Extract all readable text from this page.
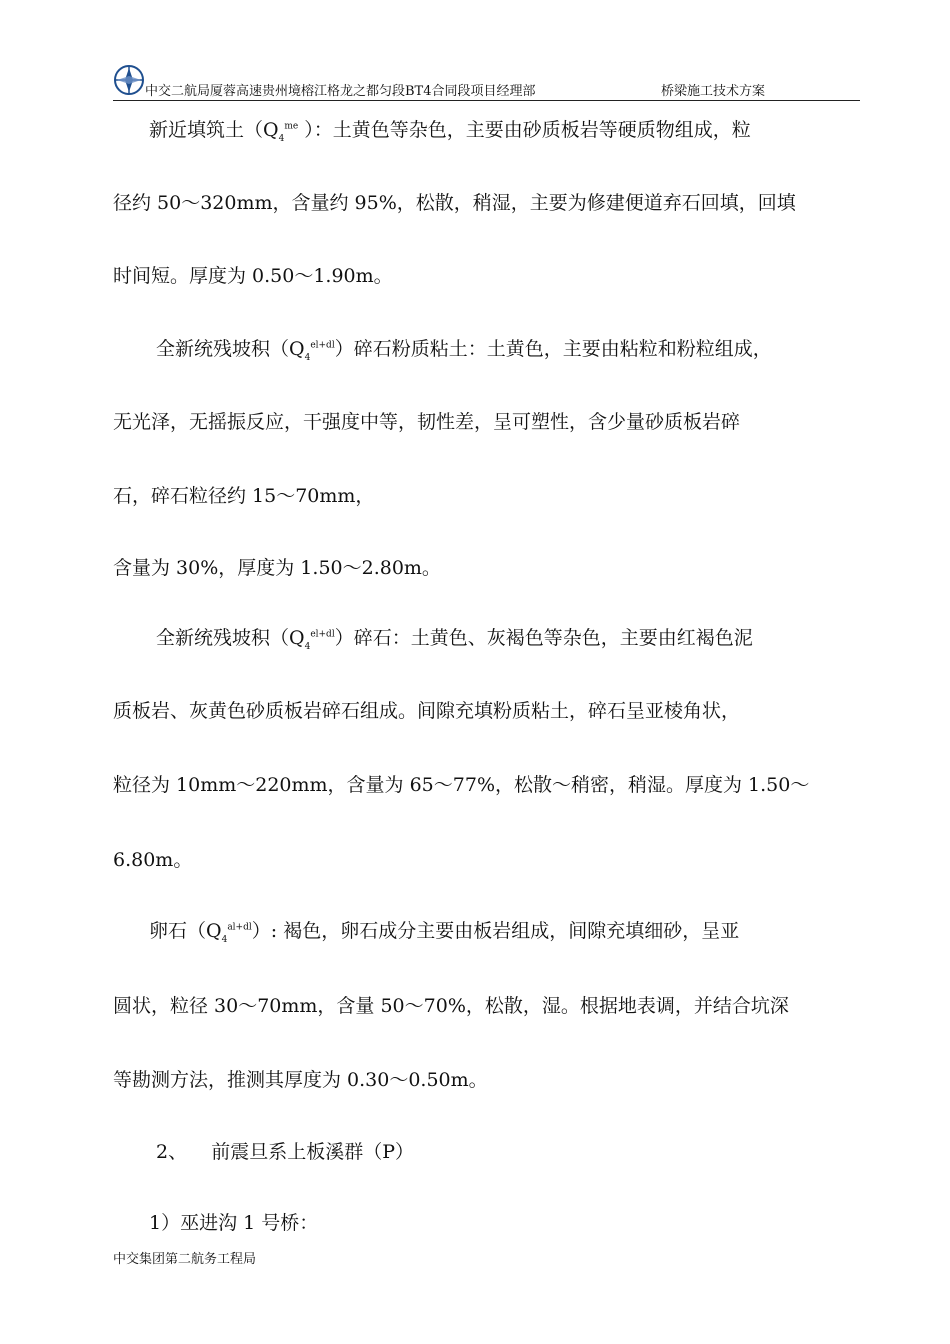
中交二航局厦蓉高速贵州境榕江格龙之都匀段BT4合同段项目经理部	桥梁施工技术方案
新近填筑土（$Q_4^{me}$ ）：土黄色等杂色，主要由砂质板岩等硬质物组成，粒
径约 50～320mm，含量约 95%，松散，稍湿，主要为修建便道弃石回填，回填
时间短。厚度为 0.50～1.90m。
全新统残坡积$(Q_4^{el+dl})$碎石粉质粘土：土黄色，主要由粘粒和粉粒组成，
无光泽，无摇振反应，干强度中等，韧性差，呈可塑性，含少量砂质板岩碎
石，碎石粒径约 15～70mm，
含量为 30%，厚度为 1.50～2.80m。
全新统残坡积$(Q_4^{el+dl})$碎石：土黄色、灰褐色等杂色，主要由红褐色泥
质板岩、灰黄色砂质板岩碎石组成。间隙充填粉质粘土，碎石呈亚棱角状，
粒径为 10mm～220mm，含量为 65～77%，松散～稍密，稍湿。厚度为 1.50～
6.80m。
卵石$(Q_4^{al+dl})$: 褐色，卵石成分主要由板岩组成，间隙充填细砂，呈亚
圆状，粒径 30～70mm，含量 50～70%，松散，湿。根据地表调，并结合坑深
等勘测方法，推测其厚度为 0.30～0.50m。
2、    前震旦系上板溪群（P）
1）巫进沟 1 号桥：
中交集团第二航务工程局
